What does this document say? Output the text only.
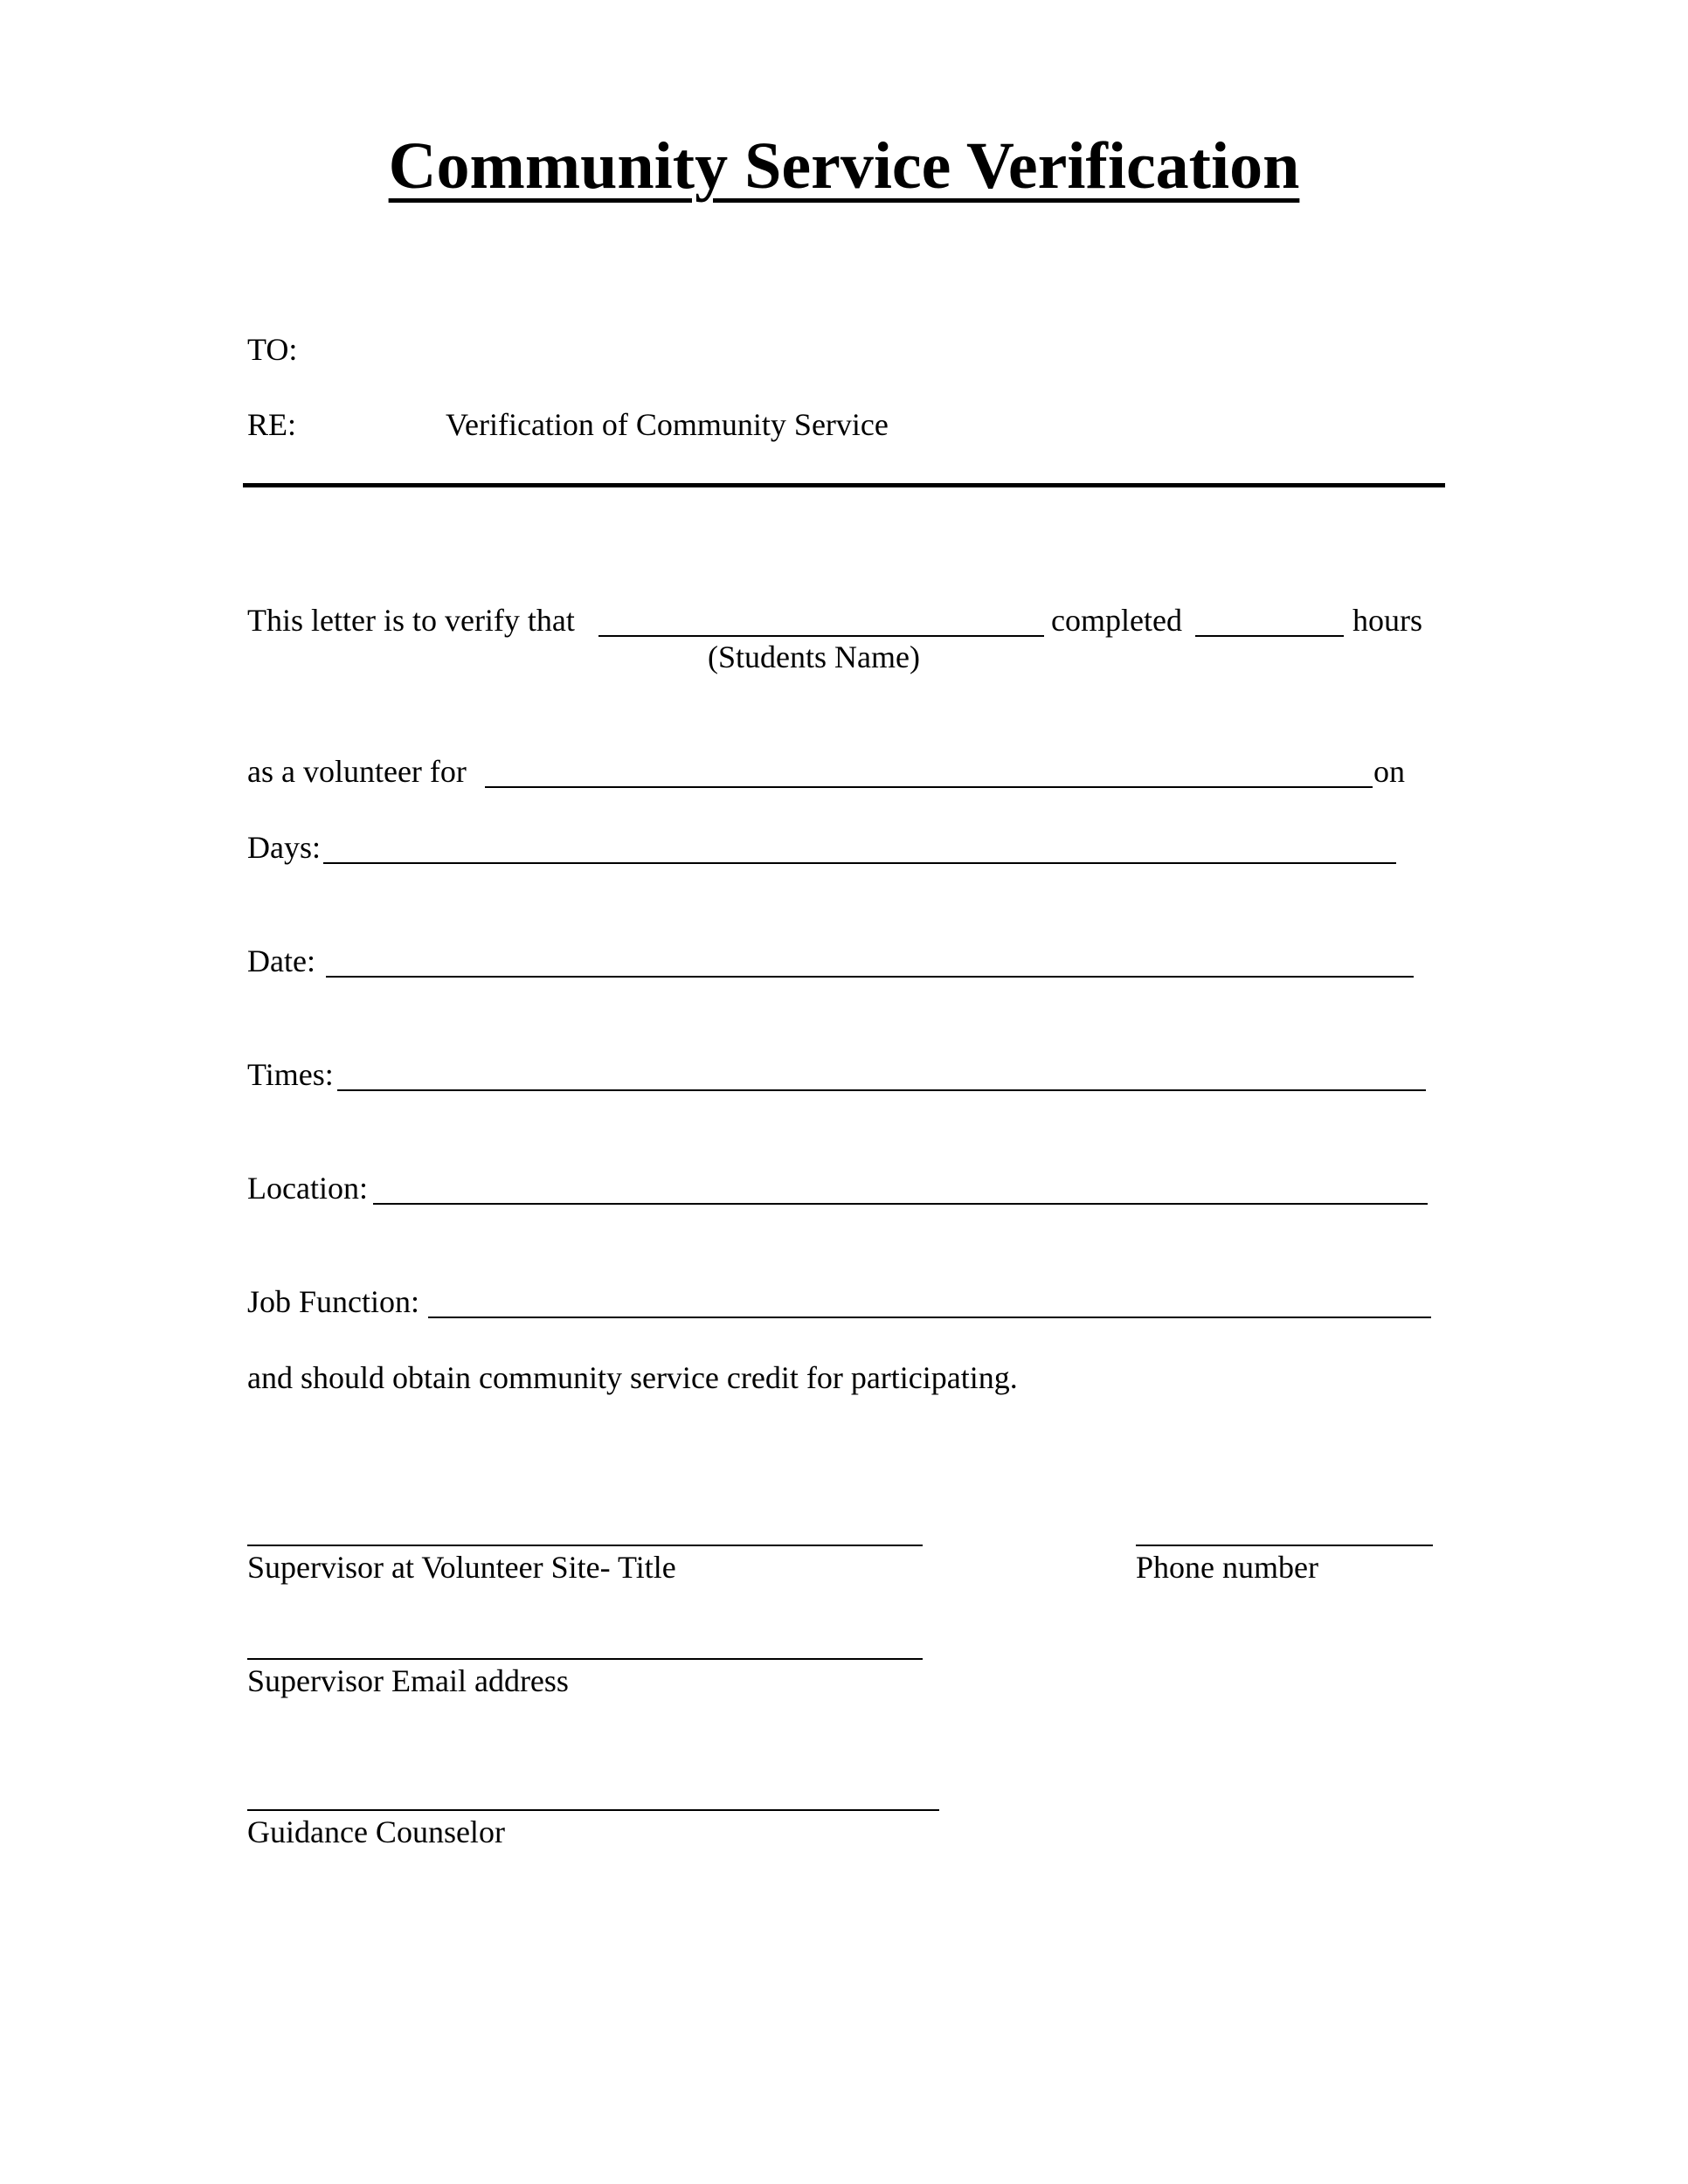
Community Service Verification
TO:
RE:	Verification of Community Service
This letter is to verify that	completed	hours
(Students Name)
as a volunteer for	on
Days:
Date:
Times:
Location:
Job Function:
and should obtain community service credit for participating.
Supervisor at Volunteer Site- Title	Phone number
Supervisor Email address
Guidance Counselor
